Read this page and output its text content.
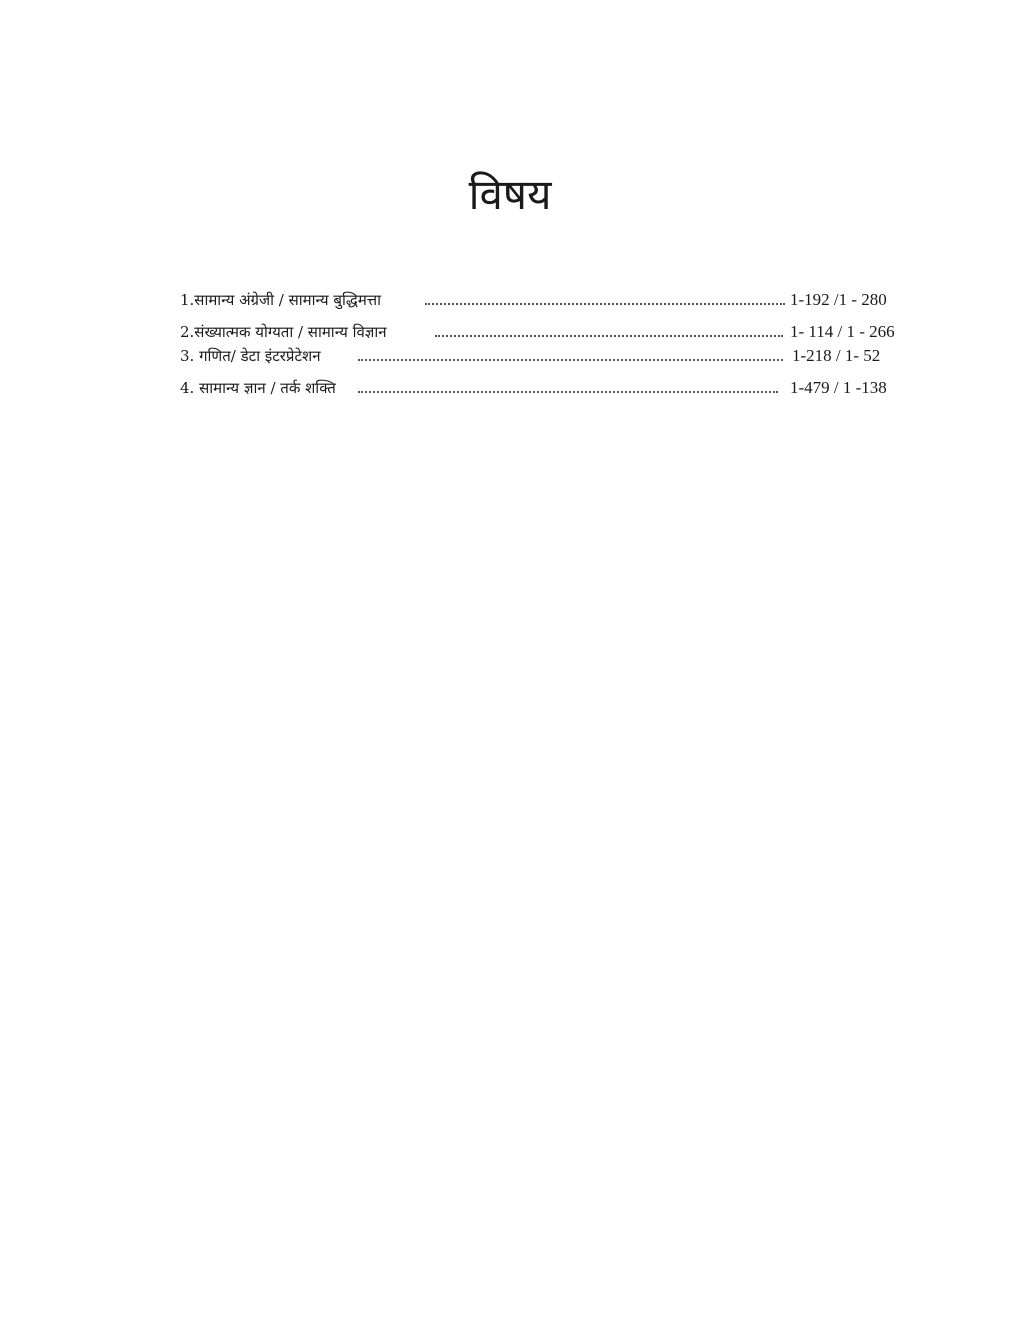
विषय
1.सामान्य अंग्रेजी / सामान्य बुद्धिमत्ता	1-192 /1 - 280
2.संख्यात्मक योग्यता / सामान्य विज्ञान	1- 114 / 1 - 266
3. गणित/ डेटा इंटरप्रेटेशन	1-218 / 1- 52
4. सामान्य ज्ञान / तर्क शक्ति	1-479 / 1 -138
